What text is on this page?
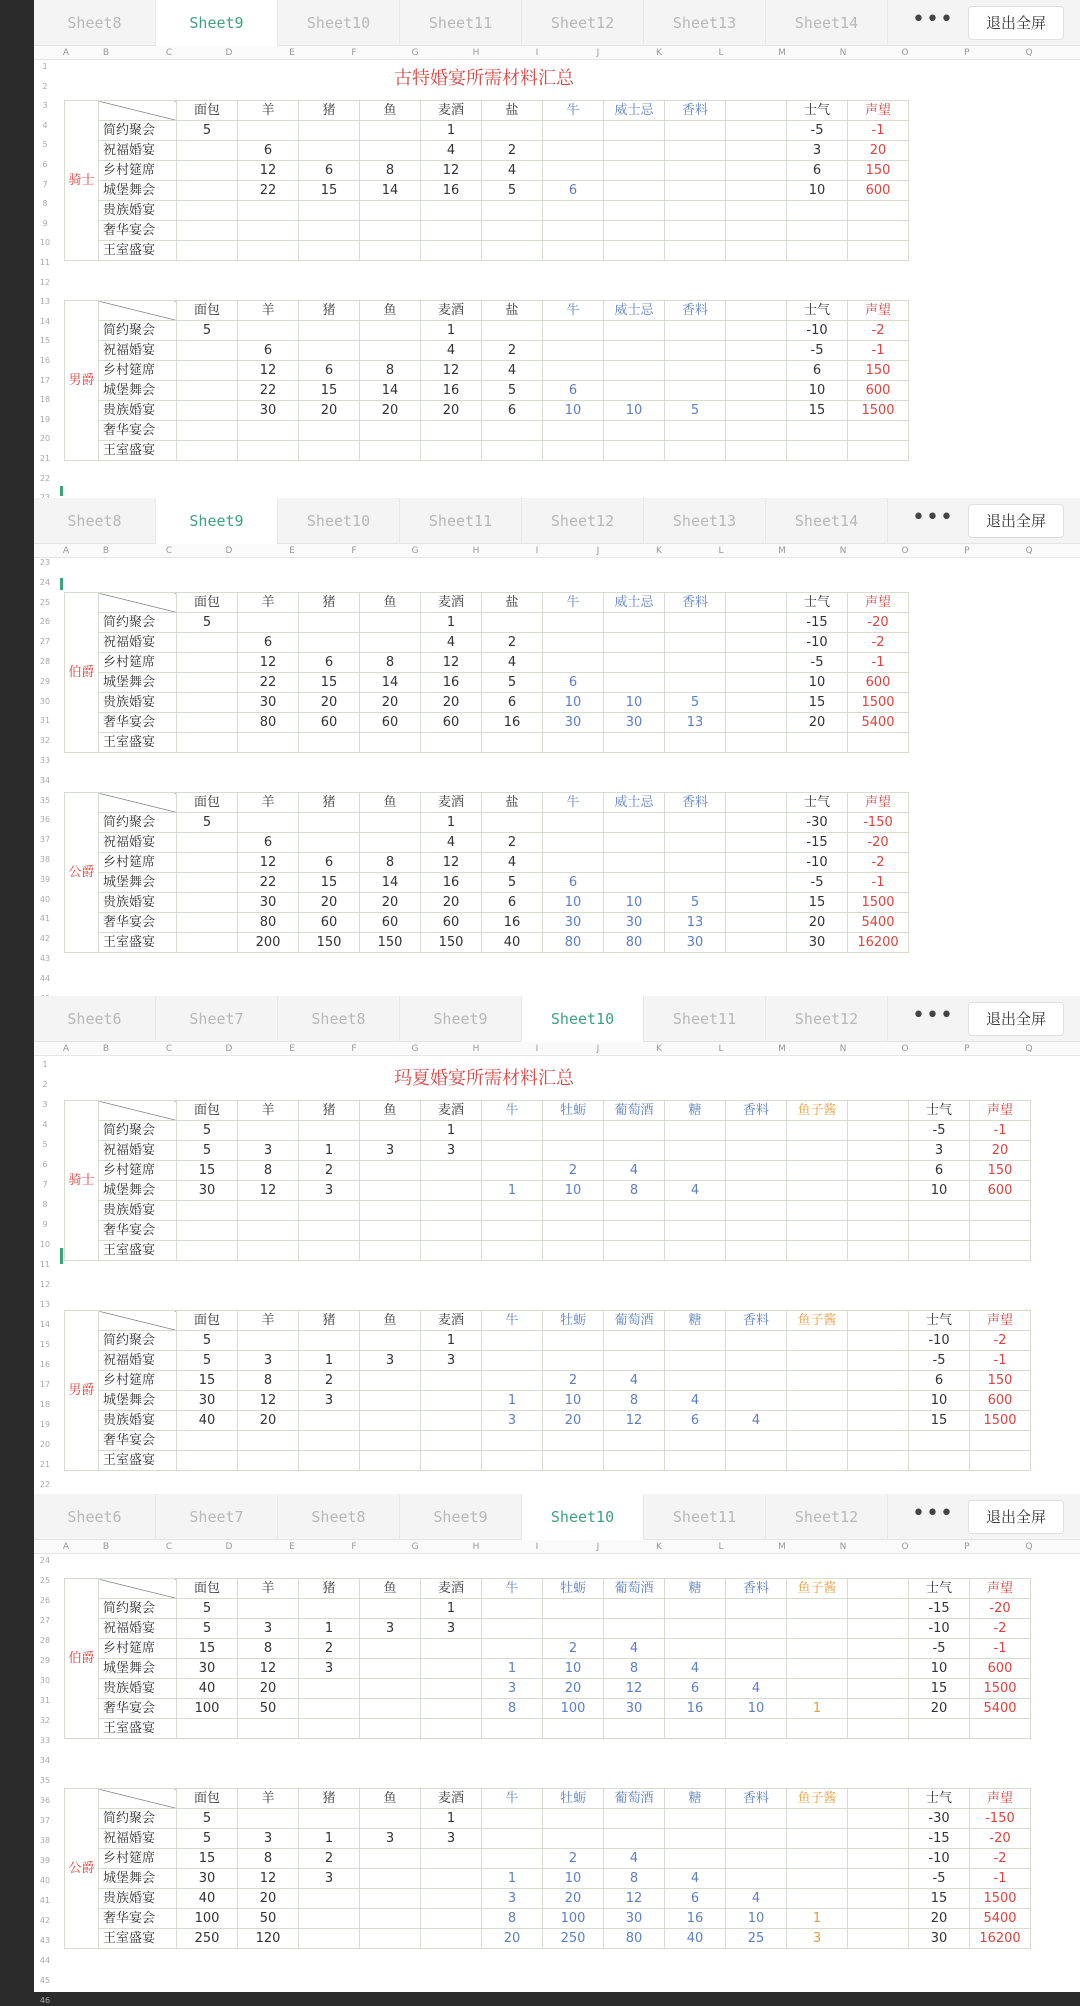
Sheet8	Sheet9	Sheet10	Sheet11	Sheet12	Sheet13	Sheet14	•••	退出全屏
A	B	C	D	E	F	G	H	I	J	K	L	M	N	O	P	Q
1
2
3
4
5
6
7
8
9
10
11
12
13
14
15
16
17
18
19
20
21
22
古特婚宴所需材料汇总
骑士		面包	羊	猪	鱼	麦酒	盐	牛	威士忌	香料		士气	声望
	简约聚会	5				1						-5	-1
	祝福婚宴		6			4	2					3	20
	乡村筵席		12	6	8	12	4					6	150
	城堡舞会		22	15	14	16	5	6				10	600
	贵族婚宴												
	奢华宴会												
	王室盛宴												
男爵		面包	羊	猪	鱼	麦酒	盐	牛	威士忌	香料		士气	声望
	简约聚会	5				1						-10	-2
	祝福婚宴		6			4	2					-5	-1
	乡村筵席		12	6	8	12	4					6	150
	城堡舞会		22	15	14	16	5	6				10	600
	贵族婚宴		30	20	20	20	6	10	10	5		15	1500
	奢华宴会												
	王室盛宴												
Sheet8	Sheet9	Sheet10	Sheet11	Sheet12	Sheet13	Sheet14	•••	退出全屏
A	B	C	D	E	F	G	H	I	J	K	L	M	N	O	P	Q
23
24
25
26
27
28
29
30
31
32
33
34
35
36
37
38
39
40
41
42
43
44
伯爵		面包	羊	猪	鱼	麦酒	盐	牛	威士忌	香料		士气	声望
	简约聚会	5				1						-15	-20
	祝福婚宴		6			4	2					-10	-2
	乡村筵席		12	6	8	12	4					-5	-1
	城堡舞会		22	15	14	16	5	6				10	600
	贵族婚宴		30	20	20	20	6	10	10	5		15	1500
	奢华宴会		80	60	60	60	16	30	30	13		20	5400
	王室盛宴												
公爵		面包	羊	猪	鱼	麦酒	盐	牛	威士忌	香料		士气	声望
	简约聚会	5				1						-30	-150
	祝福婚宴		6			4	2					-15	-20
	乡村筵席		12	6	8	12	4					-10	-2
	城堡舞会		22	15	14	16	5	6				-5	-1
	贵族婚宴		30	20	20	20	6	10	10	5		15	1500
	奢华宴会		80	60	60	60	16	30	30	13		20	5400
	王室盛宴		200	150	150	150	40	80	80	30		30	16200
Sheet6	Sheet7	Sheet8	Sheet9	Sheet10	Sheet11	Sheet12	•••	退出全屏
A	B	C	D	E	F	G	H	I	J	K	L	M	N	O	P	Q
1
2
3
4
5
6
7
8
9
10
11
12
13
14
15
16
17
18
19
20
21
22
玛夏婚宴所需材料汇总
骑士		面包	羊	猪	鱼	麦酒	牛	牡蛎	葡萄酒	糖	香料	鱼子酱		士气	声望
	简约聚会	5				1								-5	-1
	祝福婚宴	5	3	1	3	3								3	20
	乡村筵席	15	8	2				2	4					6	150
	城堡舞会	30	12	3			1	10	8	4				10	600
	贵族婚宴														
	奢华宴会														
	王室盛宴														
男爵		面包	羊	猪	鱼	麦酒	牛	牡蛎	葡萄酒	糖	香料	鱼子酱		士气	声望
	简约聚会	5				1								-10	-2
	祝福婚宴	5	3	1	3	3								-5	-1
	乡村筵席	15	8	2				2	4					6	150
	城堡舞会	30	12	3			1	10	8	4				10	600
	贵族婚宴	40	20				3	20	12	6	4			15	1500
	奢华宴会														
	王室盛宴														
Sheet6	Sheet7	Sheet8	Sheet9	Sheet10	Sheet11	Sheet12	•••	退出全屏
A	B	C	D	E	F	G	H	I	J	K	L	M	N	O	P	Q
24
25
26
27
28
29
30
31
32
33
34
35
36
37
38
39
40
41
42
43
44
45
46
伯爵		面包	羊	猪	鱼	麦酒	牛	牡蛎	葡萄酒	糖	香料	鱼子酱		士气	声望
	简约聚会	5				1								-15	-20
	祝福婚宴	5	3	1	3	3								-10	-2
	乡村筵席	15	8	2				2	4					-5	-1
	城堡舞会	30	12	3			1	10	8	4				10	600
	贵族婚宴	40	20				3	20	12	6	4			15	1500
	奢华宴会	100	50				8	100	30	16	10	1		20	5400
	王室盛宴														
公爵		面包	羊	猪	鱼	麦酒	牛	牡蛎	葡萄酒	糖	香料	鱼子酱		士气	声望
	简约聚会	5				1								-30	-150
	祝福婚宴	5	3	1	3	3								-15	-20
	乡村筵席	15	8	2				2	4					-10	-2
	城堡舞会	30	12	3			1	10	8	4				-5	-1
	贵族婚宴	40	20				3	20	12	6	4			15	1500
	奢华宴会	100	50				8	100	30	16	10	1		20	5400
	王室盛宴	250	120				20	250	80	40	25	3		30	16200
